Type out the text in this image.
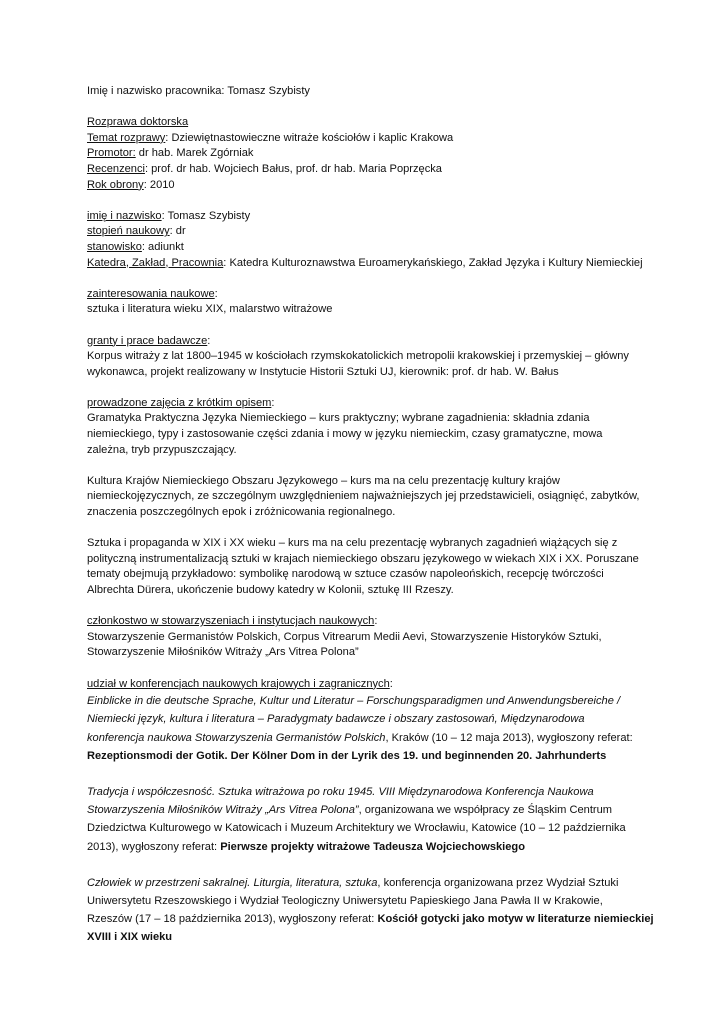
Imię i nazwisko pracownika: Tomasz Szybisty

Rozprawa doktorska

Temat rozprawy: Dziewiętnastowieczne witraże kościołów i kaplic Krakowa

Promotor: dr hab. Marek Zgórniak

Recenzenci: prof. dr hab. Wojciech Bałus, prof. dr hab. Maria Poprzęcka

Rok obrony: 2010

imię i nazwisko: Tomasz Szybisty

stopień naukowy: dr

stanowisko: adiunkt

Katedra, Zakład, Pracownia: Katedra Kulturoznawstwa Euroamerykańskiego, Zakład Języka i Kultury Niemieckiej

zainteresowania naukowe:

sztuka i literatura wieku XIX, malarstwo witrażowe

granty i prace badawcze:

Korpus witraży z lat 1800–1945 w kościołach rzymskokatolickich metropolii krakowskiej i przemyskiej – główny

wykonawca, projekt realizowany w Instytucie Historii Sztuki UJ, kierownik: prof. dr hab. W. Bałus

prowadzone zajęcia z krótkim opisem:

Gramatyka Praktyczna Języka Niemieckiego – kurs praktyczny; wybrane zagadnienia: składnia zdania

niemieckiego, typy i zastosowanie części zdania i mowy w języku niemieckim, czasy gramatyczne, mowa

zależna, tryb przypuszczający.

Kultura Krajów Niemieckiego Obszaru Językowego – kurs ma na celu prezentację kultury krajów

niemieckojęzycznych, ze szczególnym uwzględnieniem najważniejszych jej przedstawicieli, osiągnięć, zabytków,

znaczenia poszczególnych epok i zróżnicowania regionalnego.

Sztuka i propaganda w XIX i XX wieku – kurs ma na celu prezentację wybranych zagadnień wiążących się z

polityczną instrumentalizacją sztuki w krajach niemieckiego obszaru językowego w wiekach XIX i XX. Poruszane

tematy obejmują przykładowo: symbolikę narodową w sztuce czasów napoleońskich, recepcję twórczości

Albrechta Dürera, ukończenie budowy katedry w Kolonii, sztukę III Rzeszy.

członkostwo w stowarzyszeniach i instytucjach naukowych:

Stowarzyszenie Germanistów Polskich, Corpus Vitrearum Medii Aevi, Stowarzyszenie Historyków Sztuki,

Stowarzyszenie Miłośników Witraży „Ars Vitrea Polona”

udział w konferencjach naukowych krajowych i zagranicznych:

Einblicke in die deutsche Sprache, Kultur und Literatur – Forschungsparadigmen und Anwendungsbereiche /

Niemiecki język, kultura i literatura – Paradygmaty badawcze i obszary zastosowań, Międzynarodowa

konferencja naukowa Stowarzyszenia Germanistów Polskich, Kraków (10 – 12 maja 2013), wygłoszony referat:

Rezeptionsmodi der Gotik. Der Kölner Dom in der Lyrik des 19. und beginnenden 20. Jahrhunderts

Tradycja i współczesność. Sztuka witrażowa po roku 1945. VIII Międzynarodowa Konferencja Naukowa

Stowarzyszenia Miłośników Witraży „Ars Vitrea Polona”, organizowana we współpracy ze Śląskim Centrum

Dziedzictwa Kulturowego w Katowicach i Muzeum Architektury we Wrocławiu, Katowice (10 – 12 października

2013), wygłoszony referat: Pierwsze projekty witrażowe Tadeusza Wojciechowskiego

Człowiek w przestrzeni sakralnej. Liturgia, literatura, sztuka, konferencja organizowana przez Wydział Sztuki

Uniwersytetu Rzeszowskiego i Wydział Teologiczny Uniwersytetu Papieskiego Jana Pawła II w Krakowie,

Rzeszów (17 – 18 października 2013), wygłoszony referat: Kościół gotycki jako motyw w literaturze niemieckiej

XVIII i XIX wieku
